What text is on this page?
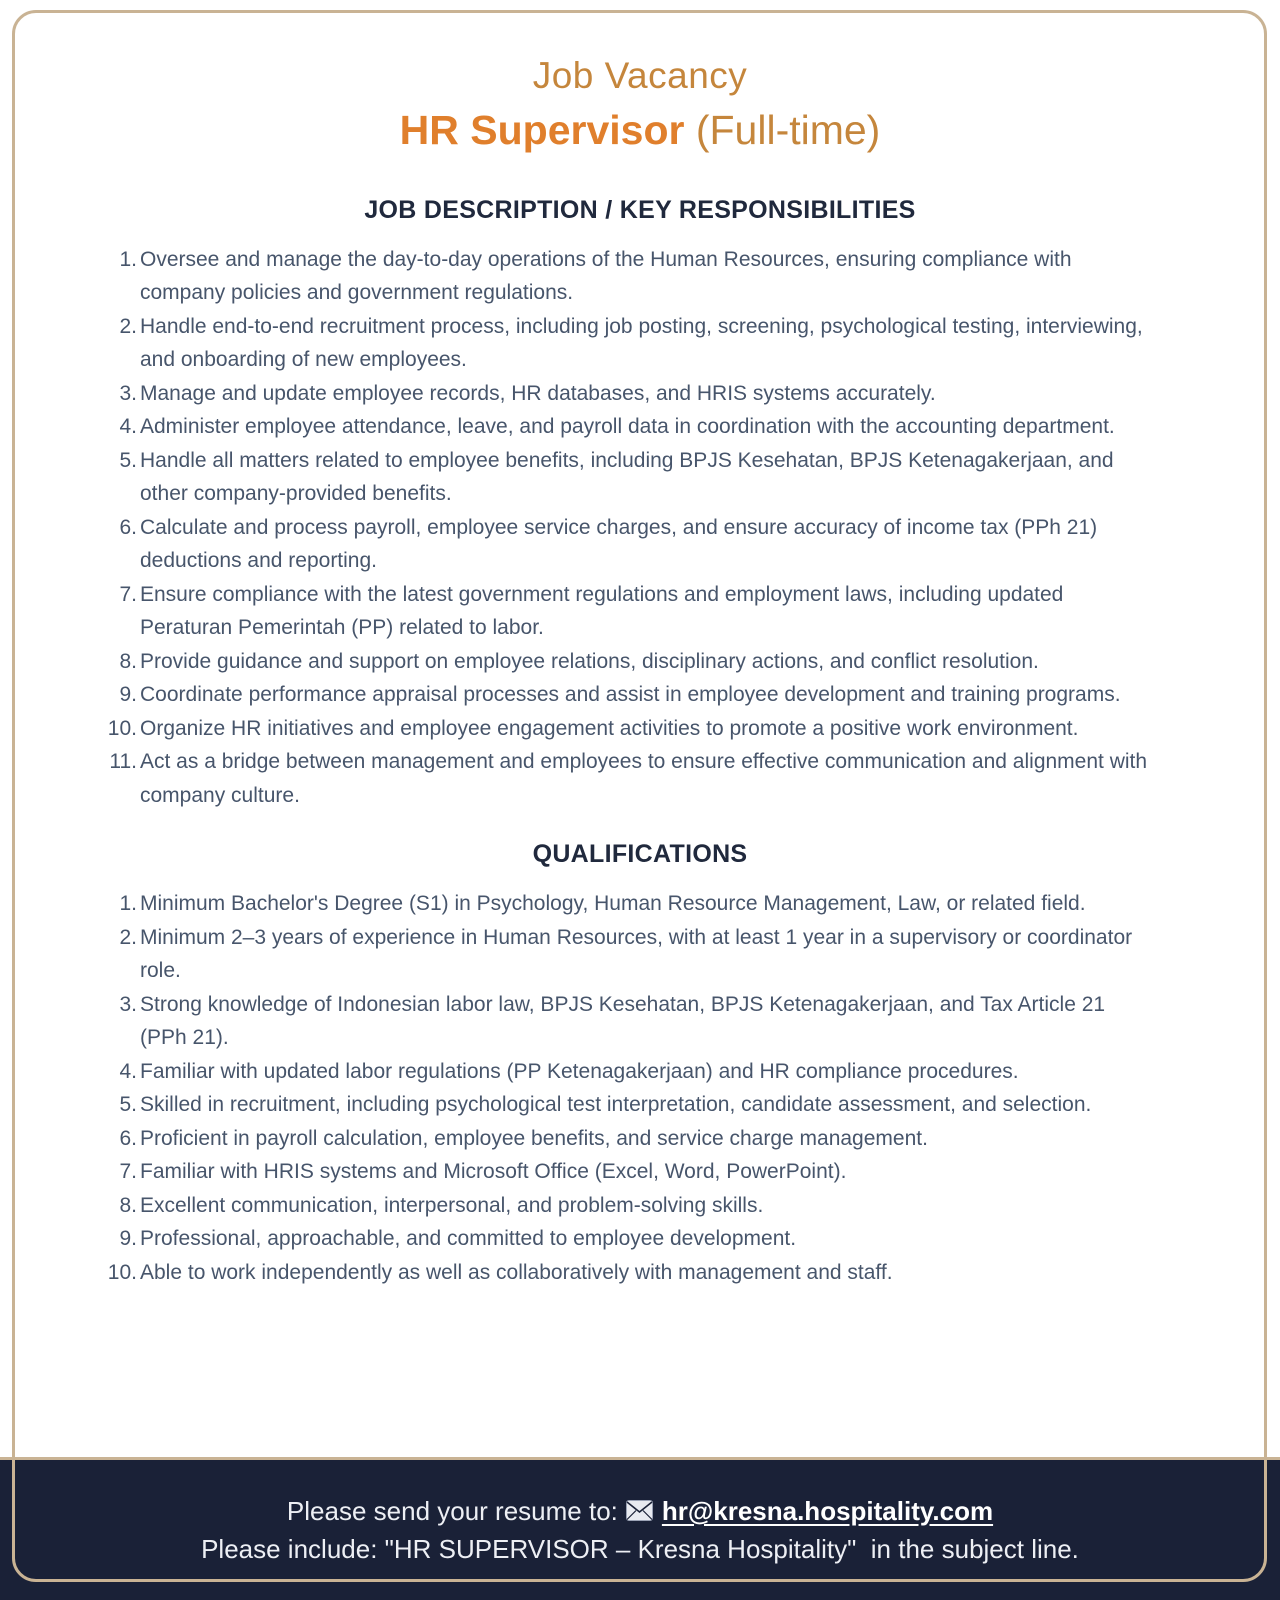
Job Vacancy
HR Supervisor (Full-time)
JOB DESCRIPTION / KEY RESPONSIBILITIES
1. Oversee and manage the day-to-day operations of the Human Resources, ensuring compliance with company policies and government regulations.
2. Handle end-to-end recruitment process, including job posting, screening, psychological testing, interviewing, and onboarding of new employees.
3. Manage and update employee records, HR databases, and HRIS systems accurately.
4. Administer employee attendance, leave, and payroll data in coordination with the accounting department.
5. Handle all matters related to employee benefits, including BPJS Kesehatan, BPJS Ketenagakerjaan, and other company-provided benefits.
6. Calculate and process payroll, employee service charges, and ensure accuracy of income tax (PPh 21) deductions and reporting.
7. Ensure compliance with the latest government regulations and employment laws, including updated Peraturan Pemerintah (PP) related to labor.
8. Provide guidance and support on employee relations, disciplinary actions, and conflict resolution.
9. Coordinate performance appraisal processes and assist in employee development and training programs.
10. Organize HR initiatives and employee engagement activities to promote a positive work environment.
11. Act as a bridge between management and employees to ensure effective communication and alignment with company culture.
QUALIFICATIONS
1. Minimum Bachelor's Degree (S1) in Psychology, Human Resource Management, Law, or related field.
2. Minimum 2–3 years of experience in Human Resources, with at least 1 year in a supervisory or coordinator role.
3. Strong knowledge of Indonesian labor law, BPJS Kesehatan, BPJS Ketenagakerjaan, and Tax Article 21 (PPh 21).
4. Familiar with updated labor regulations (PP Ketenagakerjaan) and HR compliance procedures.
5. Skilled in recruitment, including psychological test interpretation, candidate assessment, and selection.
6. Proficient in payroll calculation, employee benefits, and service charge management.
7. Familiar with HRIS systems and Microsoft Office (Excel, Word, PowerPoint).
8. Excellent communication, interpersonal, and problem-solving skills.
9. Professional, approachable, and committed to employee development.
10. Able to work independently as well as collaboratively with management and staff.
Please send your resume to: hr@kresna.hospitality.com
Please include: "HR SUPERVISOR – Kresna Hospitality"  in the subject line.
